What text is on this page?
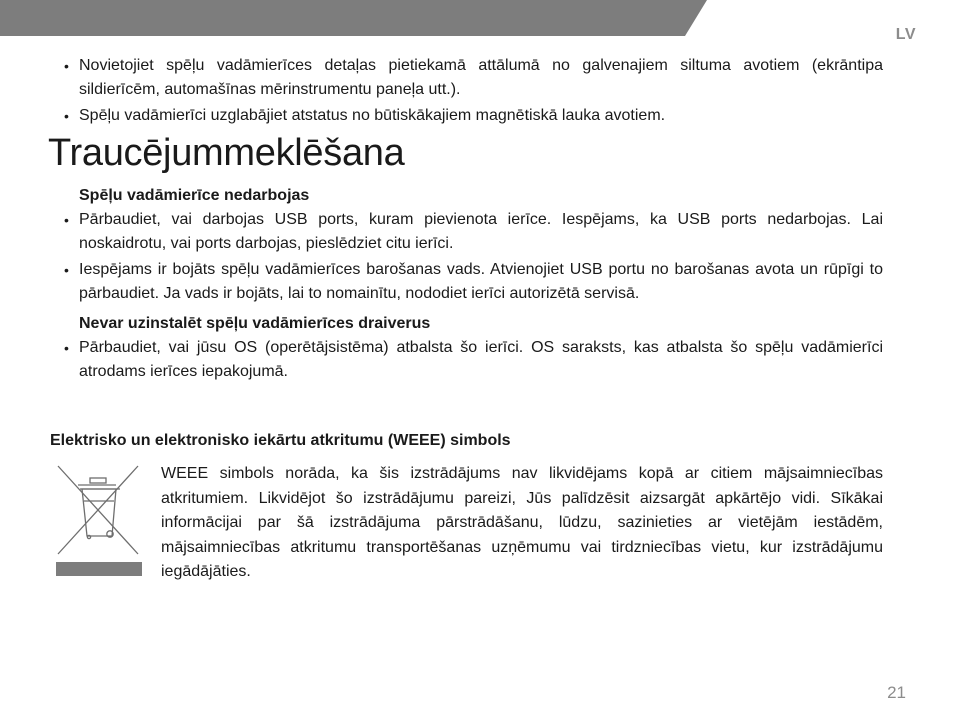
LV
• Novietojiet spēļu vadāmierīces detaļas pietiekamā attālumā no galvenajiem siltuma avotiem (ekrāntipa sildierīcēm, automašīnas mērinstrumentu paneļa utt.).
• Spēļu vadāmierīci uzglabājiet atstatus no būtiskākajiem magnētiskā lauka avotiem.
Traucējummeklēšana
Spēļu vadāmierīce nedarbojas
• Pārbaudiet, vai darbojas USB ports, kuram pievienota ierīce. Iespējams, ka USB ports nedarbojas. Lai noskaidrotu, vai ports darbojas, pieslēdziet citu ierīci.
• Iespējams ir bojāts spēļu vadāmierīces barošanas vads. Atvienojiet USB portu no barošanas avota un rūpīgi to pārbaudiet. Ja vads ir bojāts, lai to nomainītu, nododiet ierīci autorizētā servisā.
Nevar uzinstalēt spēļu vadāmierīces draiverus
• Pārbaudiet, vai jūsu OS (operētājsistēma) atbalsta šo ierīci. OS saraksts, kas atbalsta šo spēļu vadāmierīci atrodams ierīces iepakojumā.
Elektrisko un elektronisko iekārtu atkritumu (WEEE) simbols
WEEE simbols norāda, ka šis izstrādājums nav likvidējams kopā ar citiem mājsaimniecības atkritumiem. Likvidējot šo izstrādājumu pareizi, Jūs palīdzēsit aizsargāt apkārtējo vidi. Sīkākai informācijai par šā izstrādājuma pārstrādāšanu, lūdzu, sazinieties ar vietējām iestādēm, mājsaimniecības atkritumu transportēšanas uzņēmumu vai tirdzniecības vietu, kur izstrādājumu iegādājāties.
21
